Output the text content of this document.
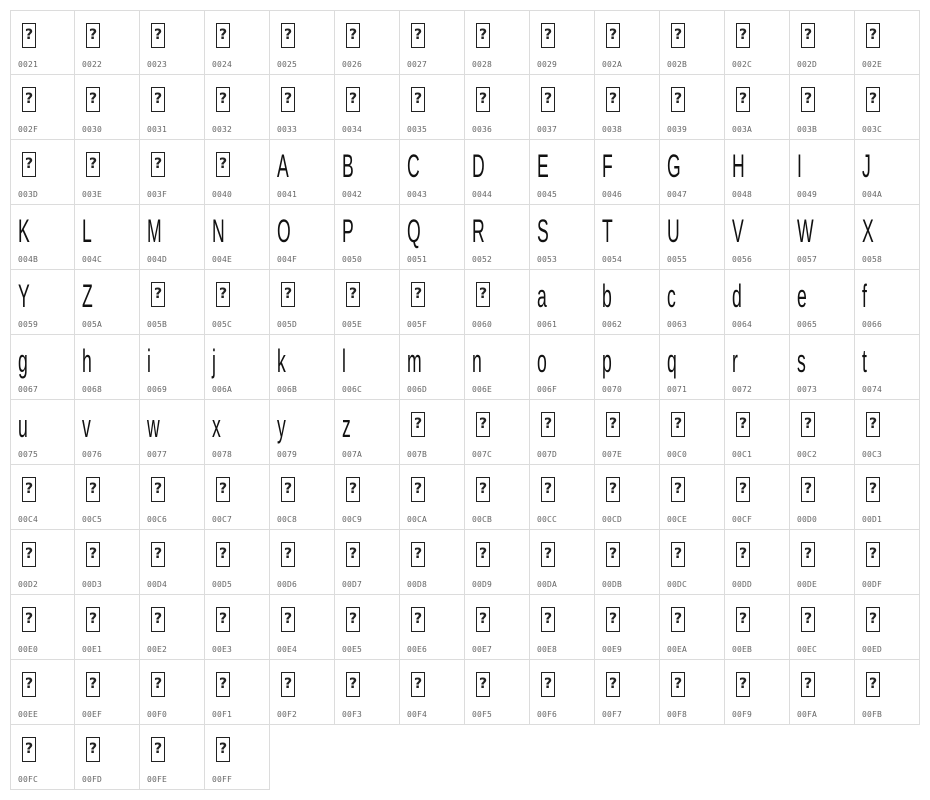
?
0021
?
0022
?
0023
?
0024
?
0025
?
0026
?
0027
?
0028
?
0029
?
002A
?
002B
?
002C
?
002D
?
002E
?
002F
?
0030
?
0031
?
0032
?
0033
?
0034
?
0035
?
0036
?
0037
?
0038
?
0039
?
003A
?
003B
?
003C
?
003D
?
003E
?
003F
?
0040
A
0041
B
0042
C
0043
D
0044
E
0045
F
0046
G
0047
H
0048
I
0049
J
004A
K
004B
L
004C
M
004D
N
004E
O
004F
P
0050
Q
0051
R
0052
S
0053
T
0054
U
0055
V
0056
W
0057
X
0058
Y
0059
Z
005A
?
005B
?
005C
?
005D
?
005E
?
005F
?
0060
a
0061
b
0062
c
0063
d
0064
e
0065
f
0066
g
0067
h
0068
i
0069
j
006A
k
006B
l
006C
m
006D
n
006E
o
006F
p
0070
q
0071
r
0072
s
0073
t
0074
u
0075
v
0076
w
0077
x
0078
y
0079
z
007A
?
007B
?
007C
?
007D
?
007E
?
00C0
?
00C1
?
00C2
?
00C3
?
00C4
?
00C5
?
00C6
?
00C7
?
00C8
?
00C9
?
00CA
?
00CB
?
00CC
?
00CD
?
00CE
?
00CF
?
00D0
?
00D1
?
00D2
?
00D3
?
00D4
?
00D5
?
00D6
?
00D7
?
00D8
?
00D9
?
00DA
?
00DB
?
00DC
?
00DD
?
00DE
?
00DF
?
00E0
?
00E1
?
00E2
?
00E3
?
00E4
?
00E5
?
00E6
?
00E7
?
00E8
?
00E9
?
00EA
?
00EB
?
00EC
?
00ED
?
00EE
?
00EF
?
00F0
?
00F1
?
00F2
?
00F3
?
00F4
?
00F5
?
00F6
?
00F7
?
00F8
?
00F9
?
00FA
?
00FB
?
00FC
?
00FD
?
00FE
?
00FF
